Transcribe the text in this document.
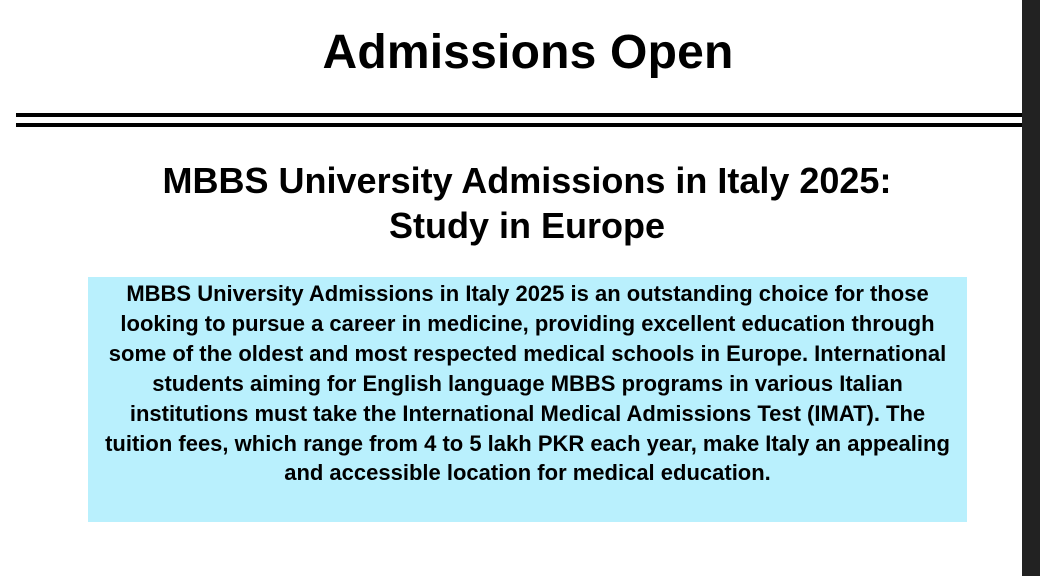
Admissions Open
MBBS University Admissions in Italy 2025: Study in Europe
MBBS University Admissions in Italy 2025 is an outstanding choice for those looking to pursue a career in medicine, providing excellent education through some of the oldest and most respected medical schools in Europe. International students aiming for English language MBBS programs in various Italian institutions must take the International Medical Admissions Test (IMAT). The tuition fees, which range from 4 to 5 lakh PKR each year, make Italy an appealing and accessible location for medical education.
